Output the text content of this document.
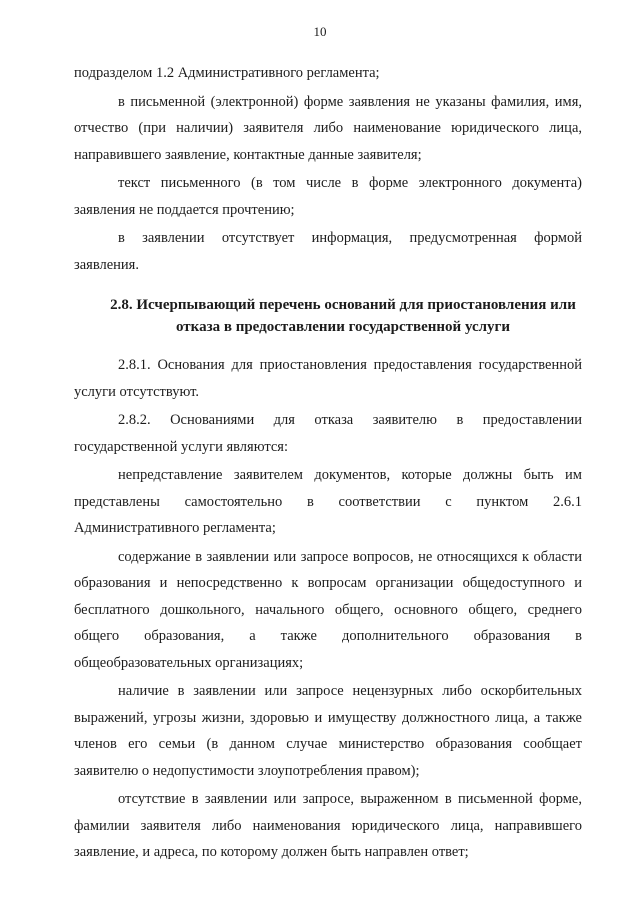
10

подразделом 1.2 Административного регламента;

в письменной (электронной) форме заявления не указаны фамилия, имя, отчество (при наличии) заявителя либо наименование юридического лица, направившего заявление, контактные данные заявителя;

текст письменного (в том числе в форме электронного документа) заявления не поддается прочтению;

в заявлении отсутствует информация, предусмотренная формой заявления.

2.8. Исчерпывающий перечень оснований для приостановления или отказа в предоставлении государственной услуги

2.8.1. Основания для приостановления предоставления государственной услуги отсутствуют.

2.8.2. Основаниями для отказа заявителю в предоставлении государственной услуги являются:

непредставление заявителем документов, которые должны быть им представлены самостоятельно в соответствии с пунктом 2.6.1 Административного регламента;

содержание в заявлении или запросе вопросов, не относящихся к области образования и непосредственно к вопросам организации общедоступного и бесплатного дошкольного, начального общего, основного общего, среднего общего образования, а также дополнительного образования в общеобразовательных организациях;

наличие в заявлении или запросе нецензурных либо оскорбительных выражений, угрозы жизни, здоровью и имуществу должностного лица, а также членов его семьи (в данном случае министерство образования сообщает заявителю о недопустимости злоупотребления правом);

отсутствие в заявлении или запросе, выраженном в письменной форме, фамилии заявителя либо наименования юридического лица, направившего заявление, и адреса, по которому должен быть направлен ответ;
